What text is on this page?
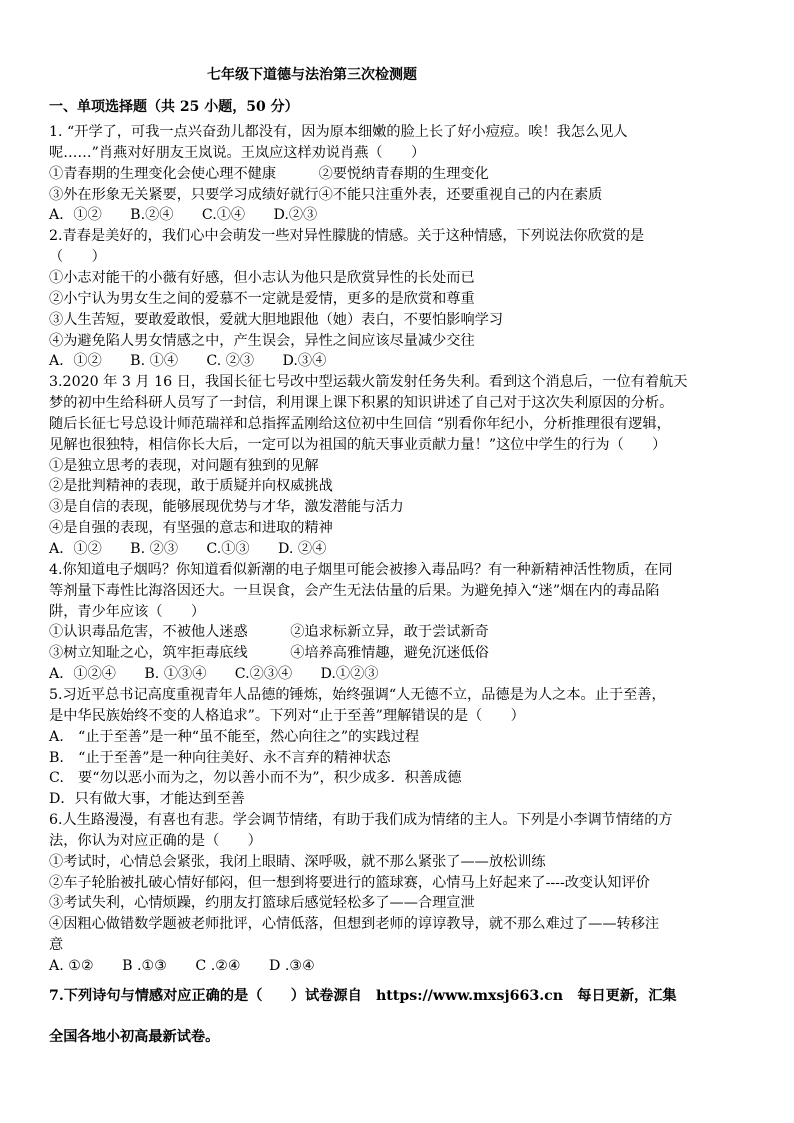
七年级下道德与法治第三次检测题
一、单项选择题（共 25 小题，50 分）
1. “开学了，可我一点兴奋劲儿都没有，因为原本细嫩的脸上长了好小痘痘。唉！我怎么见人
呢……”肖燕对好朋友王岚说。王岚应这样劝说肖燕（　　）
①青春期的生理变化会使心理不健康　　　②要悦纳青春期的生理变化
③外在形象无关紧要，只要学习成绩好就行④不能只注重外表，还要重视自己的内在素质
A．①②　　B.②④　　C.①④　　D.②③
2.青春是美好的，我们心中会萌发一些对异性朦胧的情感。关于这种情感，下列说法你欣赏的是
（　　）
①小志对能干的小薇有好感，但小志认为他只是欣赏异性的长处而已
②小宁认为男女生之间的爱慕不一定就是爱情，更多的是欣赏和尊重
③人生苦短，要敢爱敢恨，爱就大胆地跟他（她）表白，不要怕影响学习
④为避免陷人男女情感之中，产生误会，异性之间应该尽量减少交往
A．①②　　B. ①④　　C. ②③　　D.③④
3.2020 年 3 月 16 日，我国长征七号改中型运载火箭发射任务失利。看到这个消息后，一位有着航天
梦的初中生给科研人员写了一封信，利用课上课下积累的知识讲述了自己对于这次失利原因的分析。
随后长征七号总设计师范瑞祥和总指挥孟刚给这位初中生回信 “别看你年纪小，分析推理很有逻辑，
见解也很独特，相信你长大后，一定可以为祖国的航天事业贡献力量！”这位中学生的行为（　　）
①是独立思考的表现，对问题有独到的见解
②是批判精神的表现，敢于质疑并向权威挑战
③是自信的表现，能够展现优势与才华，激发潜能与活力
④是自强的表现，有坚强的意志和进取的精神
A．①②　　B. ②③　　C.①③　　D. ②④
4.你知道电子烟吗？你知道看似新潮的电子烟里可能会被掺入毒品吗？有一种新精神活性物质，在同
等剂量下毒性比海洛因还大。一旦误食，会产生无法估量的后果。为避免掉入“迷”烟在内的毒品陷
阱，青少年应该（　　）
①认识毒品危害，不被他人迷惑　　　②追求标新立异，敢于尝试新奇
③树立知耻之心，筑牢拒毒底线　　　④培养高雅情趣，避免沉迷低俗
A．①②④　　B. ①③④　　C.②③④　　D.①②③
5.习近平总书记高度重视青年人品德的锤炼，始终强调“人无德不立，品德是为人之本。止于至善，
是中华民族始终不变的人格追求”。下列对“止于至善”理解错误的是（　　）
A.　“止于至善”是一种“虽不能至，然心向往之”的实践过程
B.　“止于至善”是一种向往美好、永不言弃的精神状态
C.　要“勿以恶小而为之，勿以善小而不为”，积少成多．积善成德
D．只有做大事，才能达到至善
6.人生路漫漫，有喜也有悲。学会调节情绪，有助于我们成为情绪的主人。下列是小李调节情绪的方
法，你认为对应正确的是（　　）
①考试时，心情总会紧张，我闭上眼睛、深呼吸，就不那么紧张了——放松训练
②车子轮胎被扎破心情好郁闷，但一想到将要进行的篮球赛，心情马上好起来了----改变认知评价
③考试失利，心情烦躁，约朋友打篮球后感觉轻松多了——合理宣泄
④因粗心做错数学题被老师批评，心情低落，但想到老师的谆谆教导，就不那么难过了——转移注
意
A. ①②　　B .①③　　C .②④　　D .③④
7.下列诗句与情感对应正确的是（　　）试卷源自　https://www.mxsj663.cn　每日更新，汇集
全国各地小初高最新试卷。
